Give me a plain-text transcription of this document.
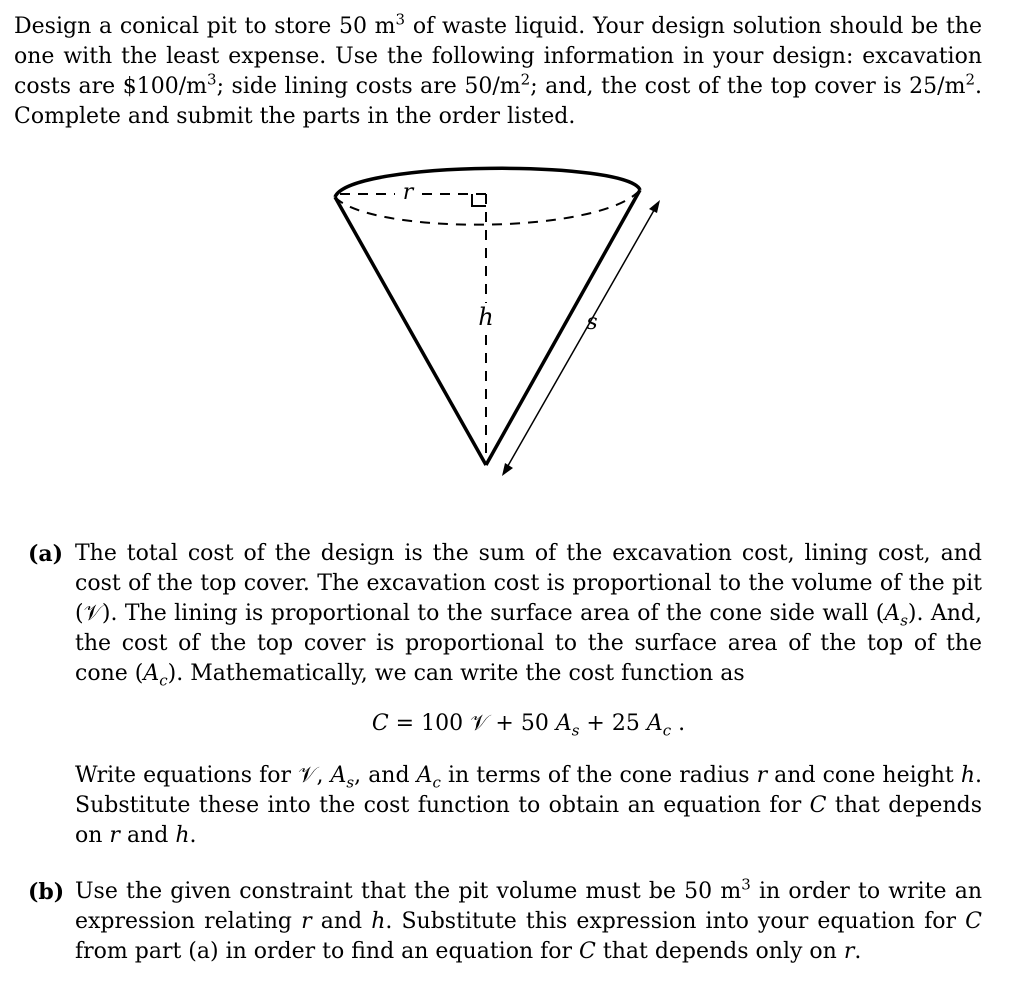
Design a conical pit to store 50 $m^3$ of waste liquid. Your design solution should be the one with the least expense. Use the following information in your design: excavation costs are $\$100/m^3$; side lining costs are $50/m^2$; and, the cost of the top cover is $25/m^2$. Complete and submit the parts in the order listed.

r
h	s
(a) The total cost of the design is the sum of the excavation cost, lining cost, and cost of the top cover. The excavation cost is proportional to the volume of the pit (𝒱). The lining is proportional to the surface area of the cone side wall $(A_s)$. And, the cost of the top cover is proportional to the surface area of the top of the cone $(A_c)$. Mathematically, we can write the cost function as

C = 100 𝒱 + 50 $A_s + 25$ $A_c$ .

Write equations for 𝒱, $A_s$, and $A_c$ in terms of the cone radius r and cone height h. Substitute these into the cost function to obtain an equation for C that depends on r and h.

(b) Use the given constraint that the pit volume must be 50 $m^3$ in order to write an expression relating r and h. Substitute this expression into your equation for C from part (a) in order to find an equation for C that depends only on r.
